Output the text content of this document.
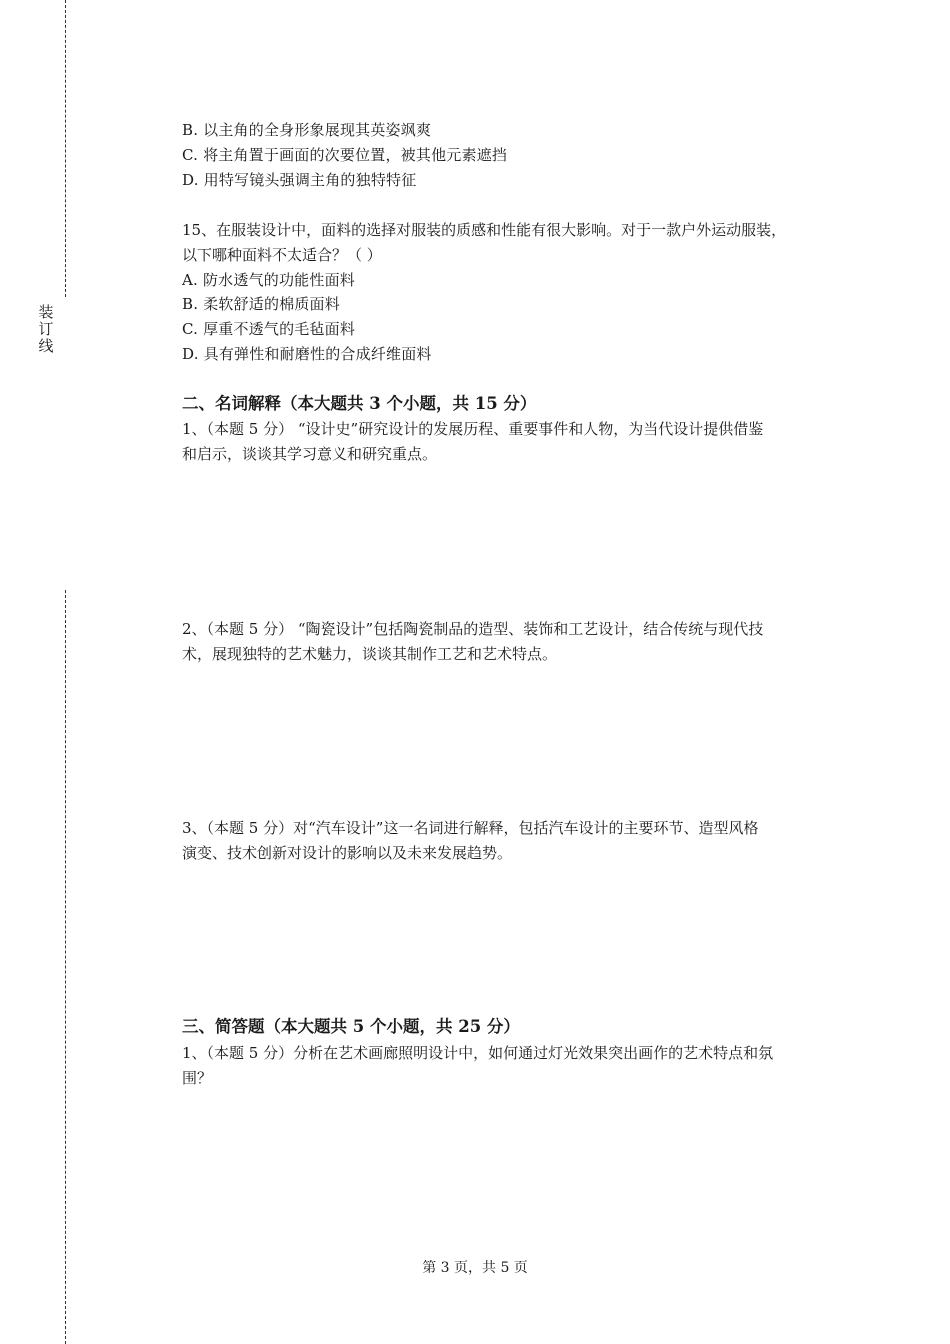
装
订
线
B. 以主角的全身形象展现其英姿飒爽
C. 将主角置于画面的次要位置，被其他元素遮挡
D. 用特写镜头强调主角的独特特征
15、在服装设计中，面料的选择对服装的质感和性能有很大影响。对于一款户外运动服装，
以下哪种面料不太适合？（ ）
A. 防水透气的功能性面料
B. 柔软舒适的棉质面料
C. 厚重不透气的毛毡面料
D. 具有弹性和耐磨性的合成纤维面料
二、名词解释（本大题共 3 个小题，共 15 分）
1、（本题 5 分） “设计史”研究设计的发展历程、重要事件和人物，为当代设计提供借鉴
和启示，谈谈其学习意义和研究重点。
2、（本题 5 分） “陶瓷设计”包括陶瓷制品的造型、装饰和工艺设计，结合传统与现代技
术，展现独特的艺术魅力，谈谈其制作工艺和艺术特点。
3、（本题 5 分）对“汽车设计”这一名词进行解释，包括汽车设计的主要环节、造型风格
演变、技术创新对设计的影响以及未来发展趋势。
三、简答题（本大题共 5 个小题，共 25 分）
1、（本题 5 分）分析在艺术画廊照明设计中，如何通过灯光效果突出画作的艺术特点和氛
围？
第 3 页，共 5 页
